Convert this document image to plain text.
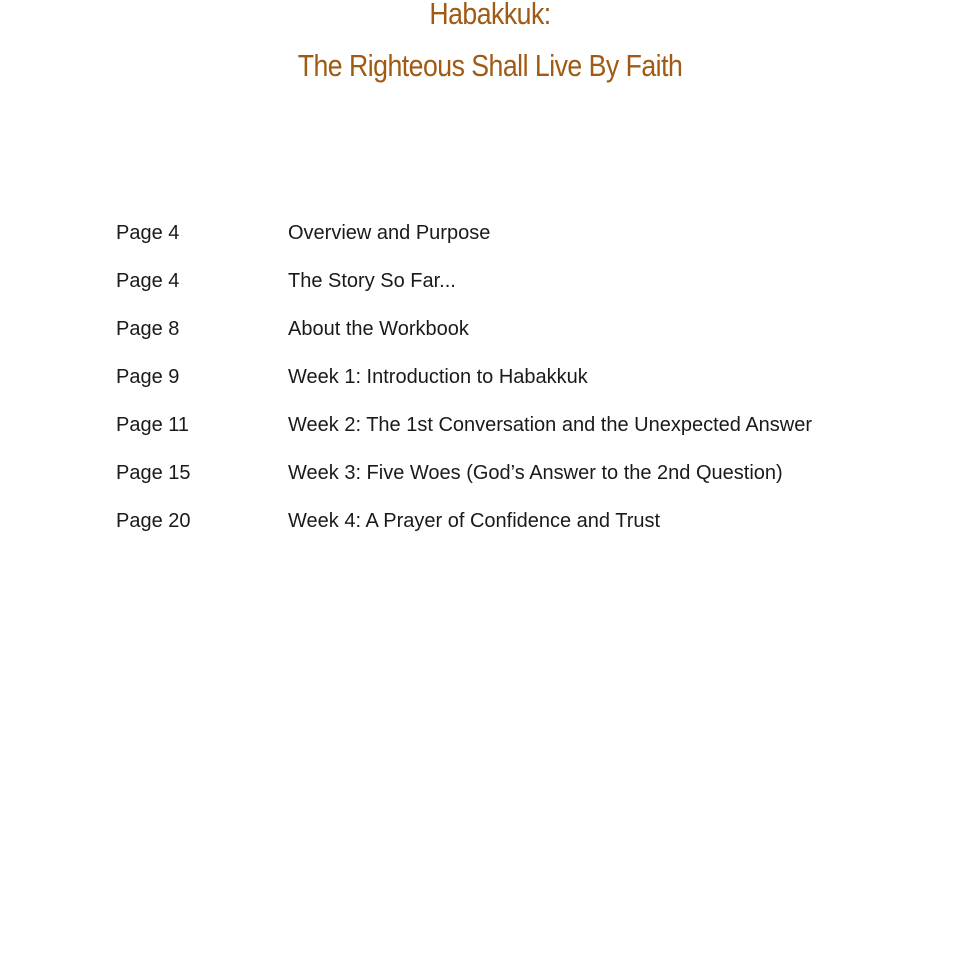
Habakkuk:
The Righteous Shall Live By Faith
Page 4	Overview and Purpose
Page 4	The Story So Far...
Page 8	About the Workbook
Page 9	Week 1: Introduction to Habakkuk
Page 11	Week 2: The 1st Conversation and the Unexpected Answer
Page 15	Week 3: Five Woes (God’s Answer to the 2nd Question)
Page 20	Week 4: A Prayer of Confidence and Trust
